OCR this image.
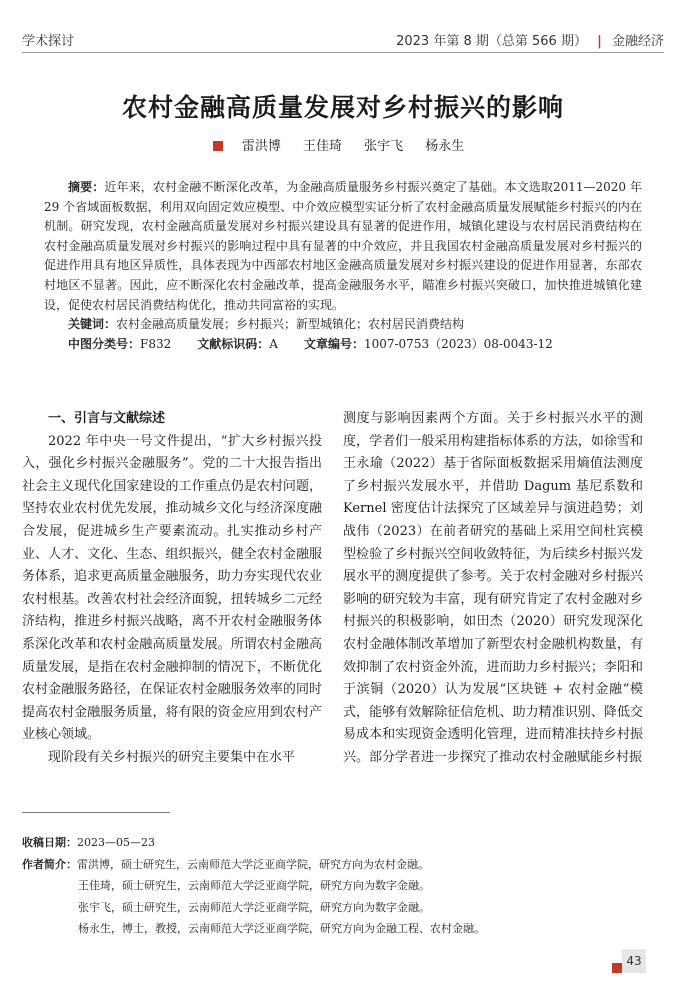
学术探讨	2023 年第 8 期（总第 566 期） | 金融经济
农村金融高质量发展对乡村振兴的影响
雷洪博 王佳琦 张宇飞 杨永生
摘要：近年来，农村金融不断深化改革，为金融高质量服务乡村振兴奠定了基础。本文选取2011—2020 年 29 个省域面板数据，利用双向固定效应模型、中介效应模型实证分析了农村金融高质量发展赋能乡村振兴的内在机制。研究发现，农村金融高质量发展对乡村振兴建设具有显著的促进作用，城镇化建设与农村居民消费结构在农村金融高质量发展对乡村振兴的影响过程中具有显著的中介效应，并且我国农村金融高质量发展对乡村振兴的促进作用具有地区异质性，具体表现为中西部农村地区金融高质量发展对乡村振兴建设的促进作用显著，东部农村地区不显著。因此，应不断深化农村金融改革，提高金融服务水平，瞄准乡村振兴突破口，加快推进城镇化建设，促使农村居民消费结构优化，推动共同富裕的实现。
关键词：农村金融高质量发展；乡村振兴；新型城镇化；农村居民消费结构
中图分类号：F832 文献标识码：A 文章编号：1007-0753（2023）08-0043-12

一、引言与文献综述

2022 年中央一号文件提出，“扩大乡村振兴投入，强化乡村振兴金融服务”。党的二十大报告指出社会主义现代化国家建设的工作重点仍是农村问题，坚持农业农村优先发展，推动城乡文化与经济深度融合发展，促进城乡生产要素流动。扎实推动乡村产业、人才、文化、生态、组织振兴，健全农村金融服务体系，追求更高质量金融服务，助力夯实现代农业农村根基。改善农村社会经济面貌，扭转城乡二元经济结构，推进乡村振兴战略，离不开农村金融服务体系深化改革和农村金融高质量发展。所谓农村金融高质量发展，是指在农村金融抑制的情况下，不断优化农村金融服务路径，在保证农村金融服务效率的同时提高农村金融服务质量，将有限的资金应用到农村产业核心领域。

现阶段有关乡村振兴的研究主要集中在水平

测度与影响因素两个方面。关于乡村振兴水平的测度，学者们一般采用构建指标体系的方法，如徐雪和王永瑜（2022）基于省际面板数据采用熵值法测度了乡村振兴发展水平，并借助 Dagum 基尼系数和 Kernel 密度估计法探究了区域差异与演进趋势；刘战伟（2023）在前者研究的基础上采用空间杜宾模型检验了乡村振兴空间收敛特征，为后续乡村振兴发展水平的测度提供了参考。关于农村金融对乡村振兴影响的研究较为丰富，现有研究肯定了农村金融对乡村振兴的积极影响，如田杰（2020）研究发现深化农村金融体制改革增加了新型农村金融机构数量，有效抑制了农村资金外流，进而助力乡村振兴；李阳和于滨铜（2020）认为发展“区块链 + 农村金融”模式，能够有效解除征信危机、助力精准识别、降低交易成本和实现资金透明化管理，进而精准扶持乡村振兴。部分学者进一步探究了推动农村金融赋能乡村振

收稿日期：2023—05—23
作者简介：雷洪博，硕士研究生，云南师范大学泛亚商学院，研究方向为农村金融。
王佳琦，硕士研究生，云南师范大学泛亚商学院，研究方向为数字金融。
张宇飞，硕士研究生，云南师范大学泛亚商学院，研究方向为数字金融。
杨永生，博士，教授，云南师范大学泛亚商学院，研究方向为金融工程、农村金融。
43
